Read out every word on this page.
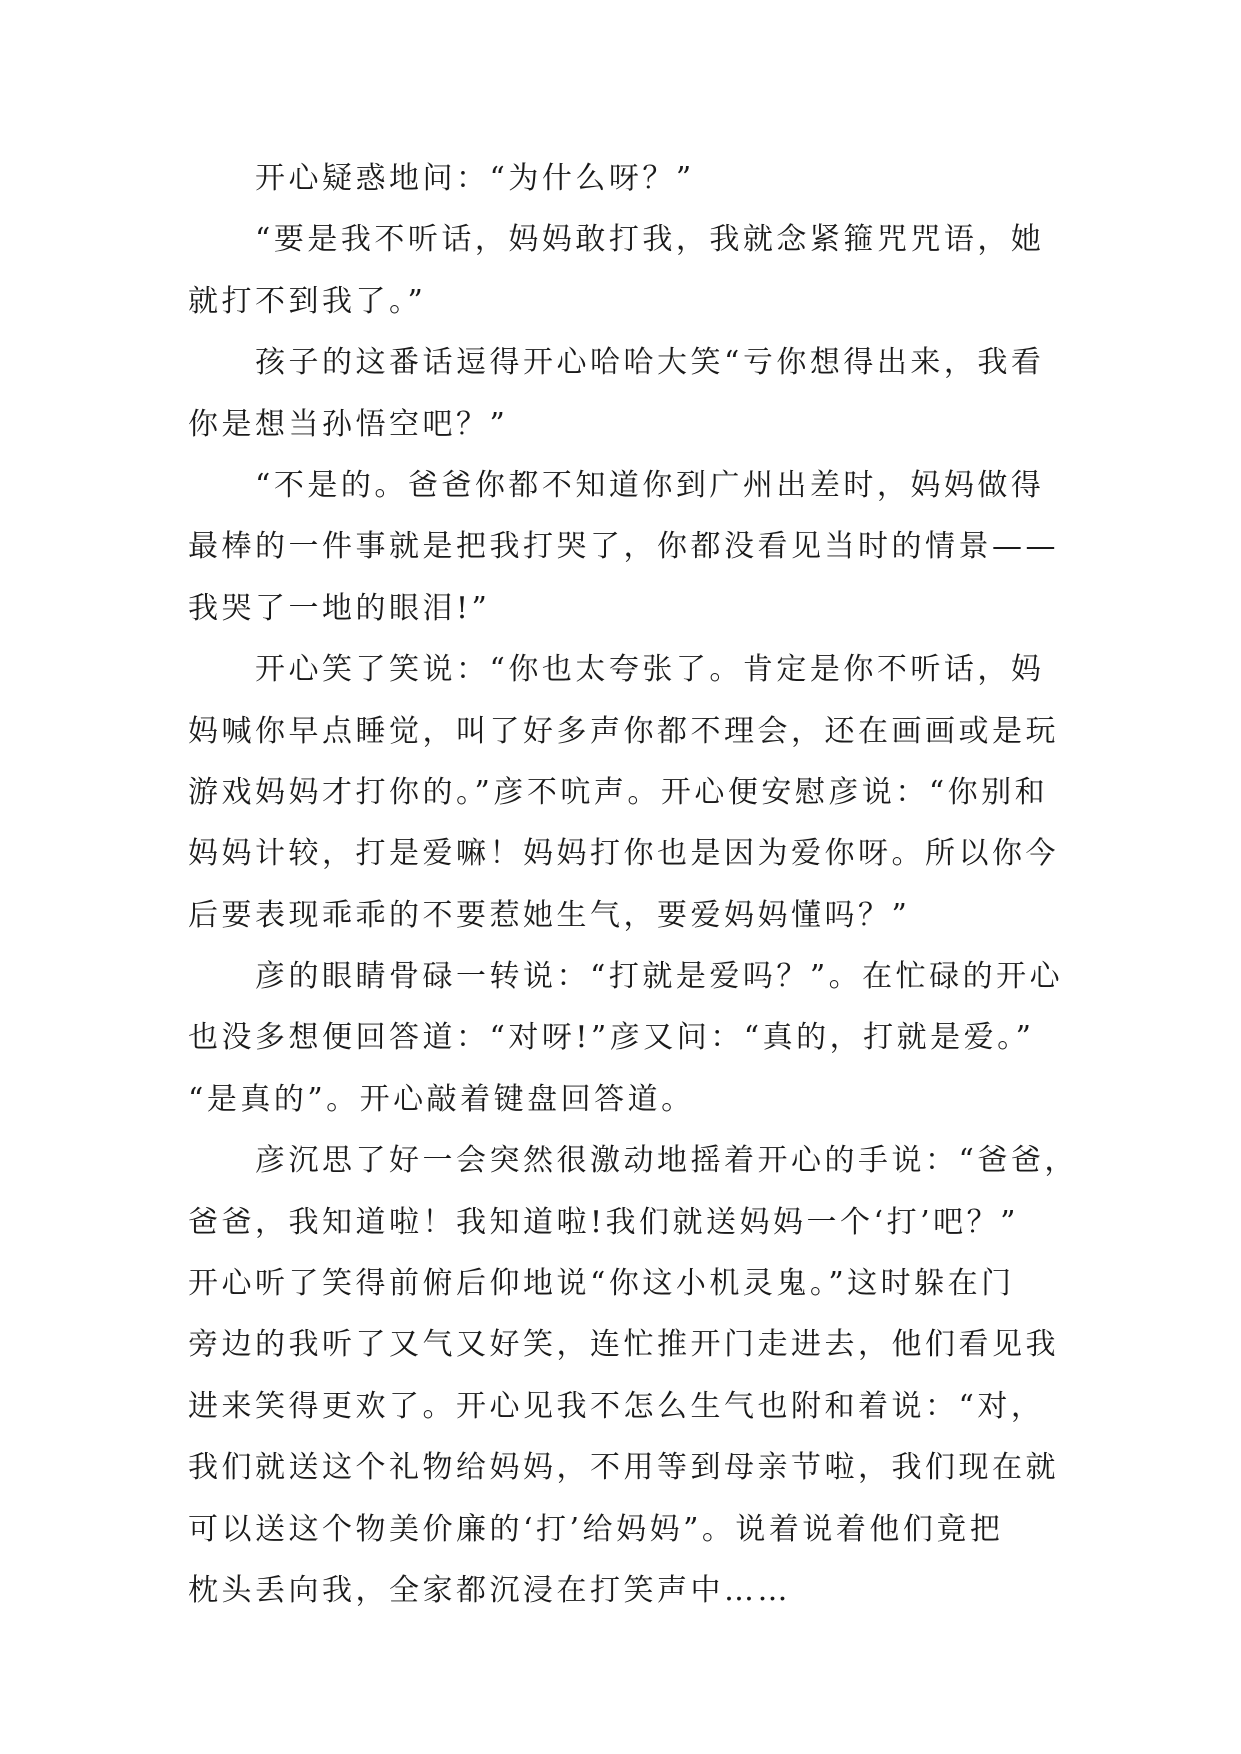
　　开心疑惑地问：“为什么呀？”
　　“要是我不听话，妈妈敢打我，我就念紧箍咒咒语，她
就打不到我了。”
　　孩子的这番话逗得开心哈哈大笑“亏你想得出来，我看
你是想当孙悟空吧？”
　　“不是的。爸爸你都不知道你到广州出差时，妈妈做得
最棒的一件事就是把我打哭了，你都没看见当时的情景——
我哭了一地的眼泪!”
　　开心笑了笑说：“你也太夸张了。肯定是你不听话，妈
妈喊你早点睡觉，叫了好多声你都不理会，还在画画或是玩
游戏妈妈才打你的。”彦不吭声。开心便安慰彦说：“你别和
妈妈计较，打是爱嘛！妈妈打你也是因为爱你呀。所以你今
后要表现乖乖的不要惹她生气，要爱妈妈懂吗？”
　　彦的眼睛骨碌一转说：“打就是爱吗？”。在忙碌的开心
也没多想便回答道：“对呀!”彦又问：“真的，打就是爱。”
“是真的”。开心敲着键盘回答道。
　　彦沉思了好一会突然很激动地摇着开心的手说：“爸爸，
爸爸，我知道啦！我知道啦!我们就送妈妈一个‘打’吧？”
开心听了笑得前俯后仰地说“你这小机灵鬼。”这时躲在门
旁边的我听了又气又好笑，连忙推开门走进去，他们看见我
进来笑得更欢了。开心见我不怎么生气也附和着说：“对，
我们就送这个礼物给妈妈，不用等到母亲节啦，我们现在就
可以送这个物美价廉的‘打’给妈妈”。说着说着他们竟把
枕头丢向我，全家都沉浸在打笑声中……
